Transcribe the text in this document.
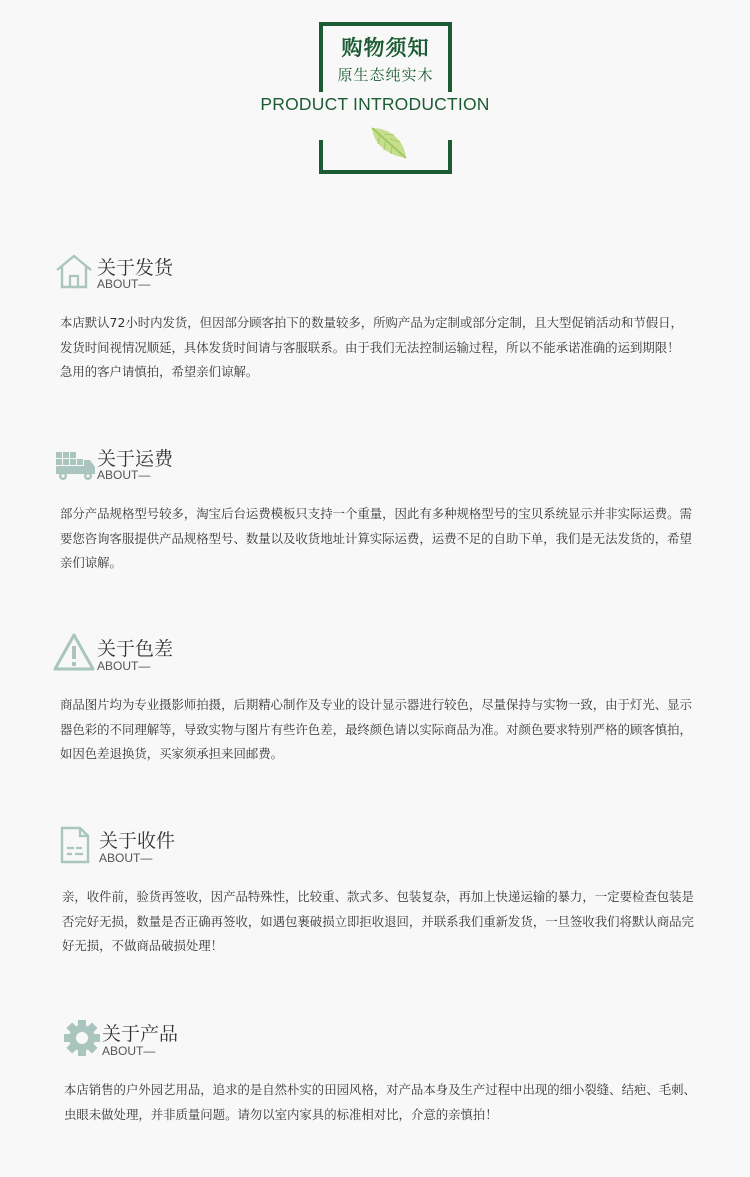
购物须知
原生态纯实木
PRODUCT INTRODUCTION
关于发货
ABOUT—

本店默认72小时内发货，但因部分顾客拍下的数量较多，所购产品为定制或部分定制，且大型促销活动和节假日，发货时间视情况顺延，具体发货时间请与客服联系。由于我们无法控制运输过程，所以不能承诺准确的运到期限！急用的客户请慎拍，希望亲们谅解。

关于运费
ABOUT—

部分产品规格型号较多，淘宝后台运费模板只支持一个重量，因此有多种规格型号的宝贝系统显示并非实际运费。需要您咨询客服提供产品规格型号、数量以及收货地址计算实际运费，运费不足的自助下单，我们是无法发货的，希望亲们谅解。

关于色差
ABOUT—

商品图片均为专业摄影师拍摄，后期精心制作及专业的设计显示器进行较色，尽量保持与实物一致，由于灯光、显示器色彩的不同理解等，导致实物与图片有些许色差，最终颜色请以实际商品为准。对颜色要求特别严格的顾客慎拍，如因色差退换货，买家须承担来回邮费。

关于收件
ABOUT—

亲，收件前，验货再签收，因产品特殊性，比较重、款式多、包装复杂，再加上快递运输的暴力，一定要检查包装是否完好无损，数量是否正确再签收，如遇包裹破损立即拒收退回，并联系我们重新发货，一旦签收我们将默认商品完好无损，不做商品破损处理！

关于产品
ABOUT—

本店销售的户外园艺用品，追求的是自然朴实的田园风格，对产品本身及生产过程中出现的细小裂缝、结疤、毛刺、虫眼未做处理，并非质量问题。请勿以室内家具的标准相对比，介意的亲慎拍！
